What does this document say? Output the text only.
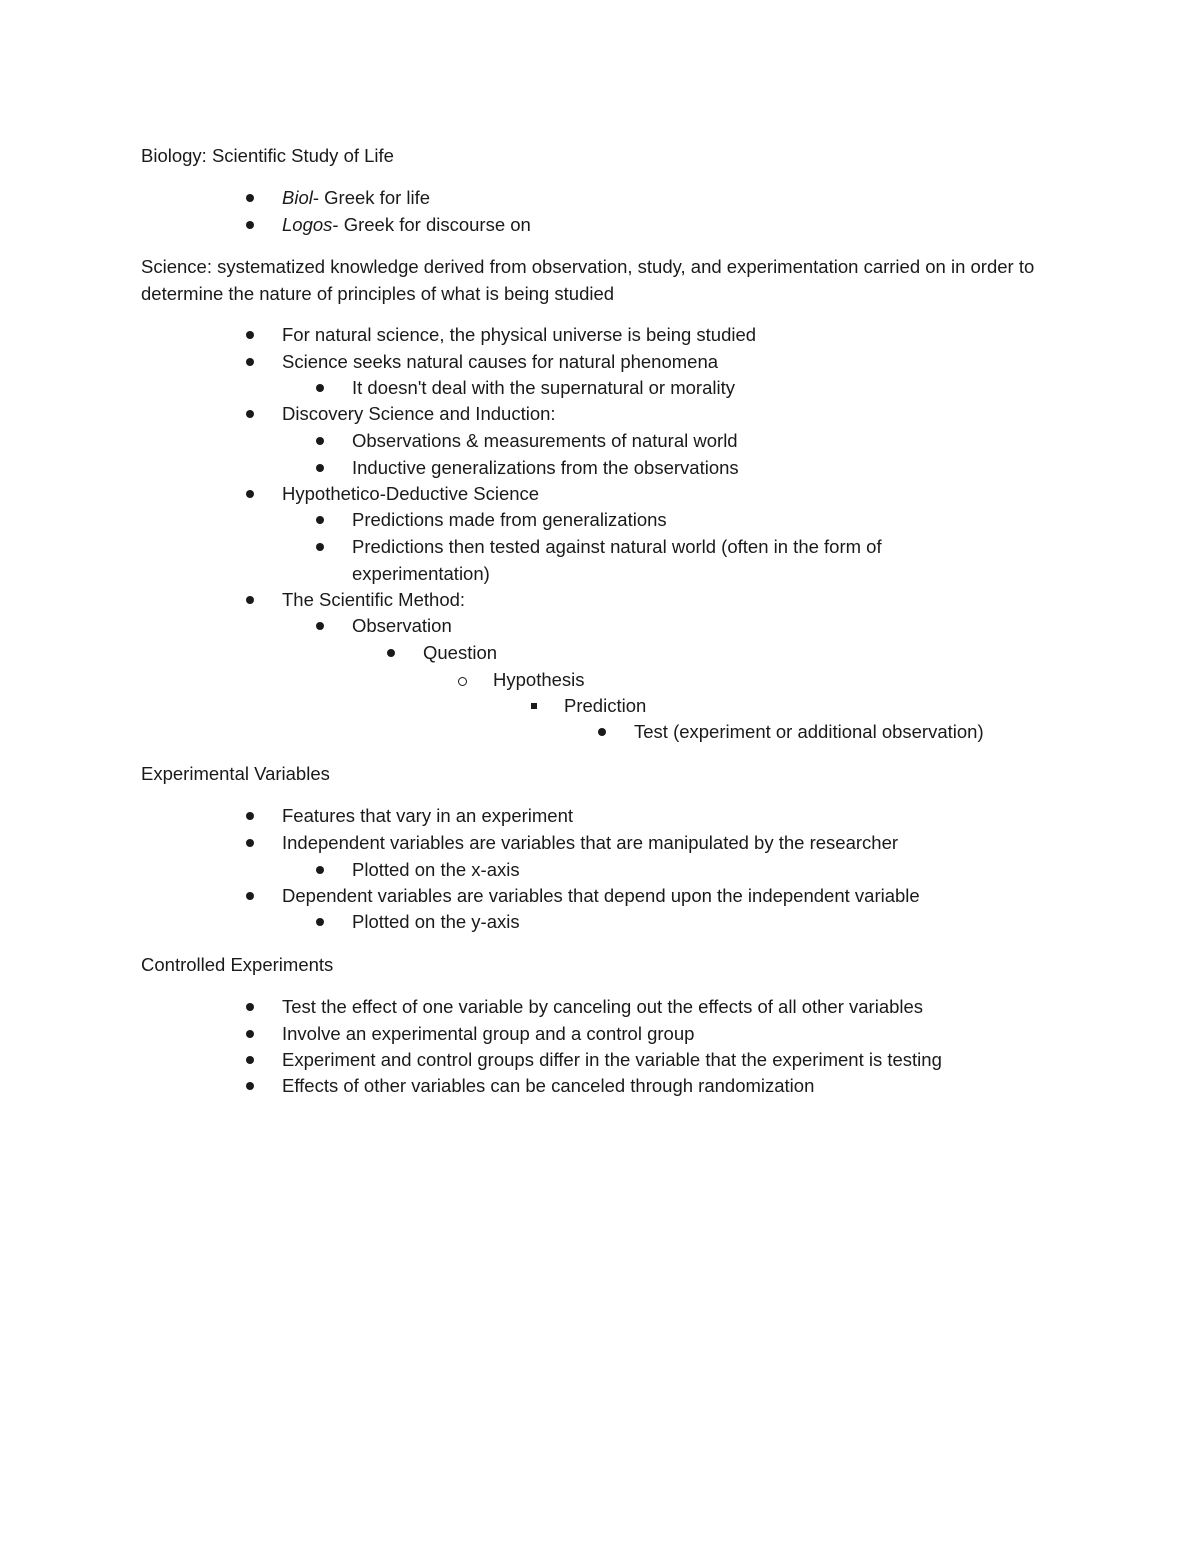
Biology: Scientific Study of Life
Biol- Greek for life
Logos- Greek for discourse on
Science: systematized knowledge derived from observation, study, and experimentation carried on in order to determine the nature of principles of what is being studied
For natural science, the physical universe is being studied
Science seeks natural causes for natural phenomena
It doesn't deal with the supernatural or morality
Discovery Science and Induction:
Observations & measurements of natural world
Inductive generalizations from the observations
Hypothetico-Deductive Science
Predictions made from generalizations
Predictions then tested against natural world (often in the form of experimentation)
The Scientific Method:
Observation
Question
Hypothesis
Prediction
Test (experiment or additional observation)
Experimental Variables
Features that vary in an experiment
Independent variables are variables that are manipulated by the researcher
Plotted on the x-axis
Dependent variables are variables that depend upon the independent variable
Plotted on the y-axis
Controlled Experiments
Test the effect of one variable by canceling out the effects of all other variables
Involve an experimental group and a control group
Experiment and control groups differ in the variable that the experiment is testing
Effects of other variables can be canceled through randomization
